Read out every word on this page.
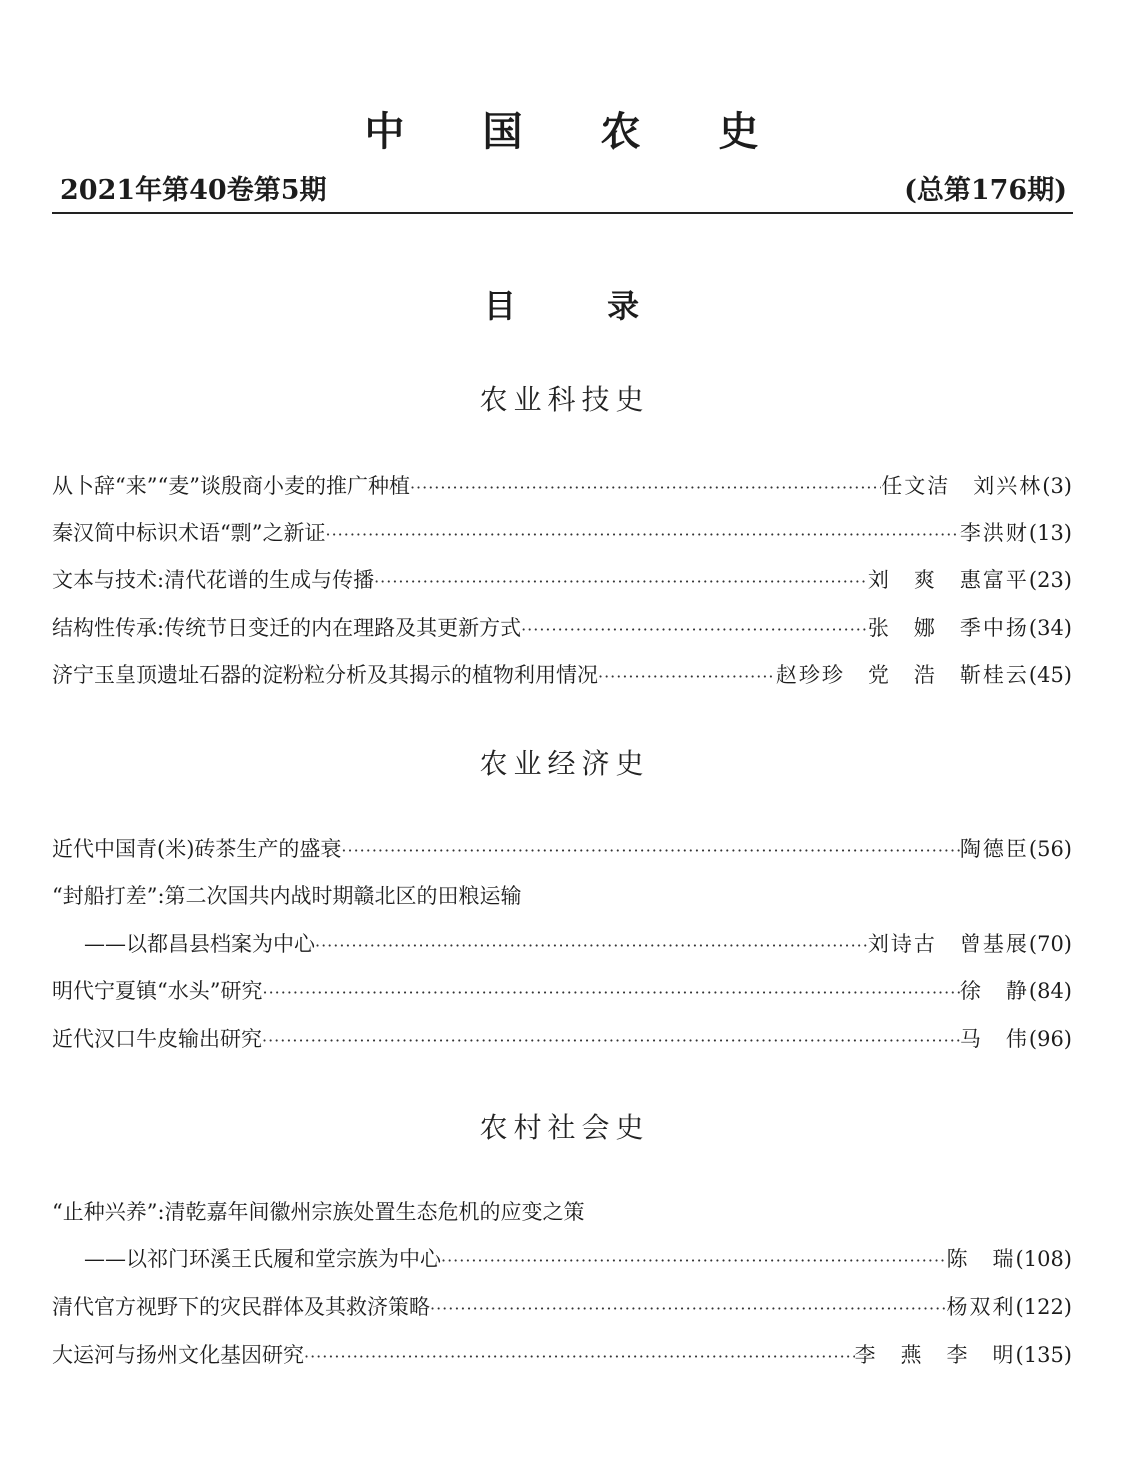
中国农史
2021年第40卷第5期	(总第176期)
目 录
农业科技史
从卜辞“来”“麦”谈殷商小麦的推广种植 ·····	任文洁　刘兴林 (3)
秦汉简中标识术语“剽”之新证 ·····	李洪财 (13)
文本与技术:清代花谱的生成与传播 ·····	刘　爽　惠富平 (23)
结构性传承:传统节日变迁的内在理路及其更新方式 ·····	张　娜　季中扬 (34)
济宁玉皇顶遗址石器的淀粉粒分析及其揭示的植物利用情况 ·····	赵珍珍　党　浩　靳桂云 (45)
农业经济史
近代中国青(米)砖茶生产的盛衰 ·····	陶德臣 (56)
“封船打差”:第二次国共内战时期赣北区的田粮运输
——以都昌县档案为中心 ·····	刘诗古　曾基展 (70)
明代宁夏镇“水头”研究 ·····	徐　静 (84)
近代汉口牛皮输出研究 ·····	马　伟 (96)
农村社会史
“止种兴养”:清乾嘉年间徽州宗族处置生态危机的应变之策
——以祁门环溪王氏履和堂宗族为中心 ·····	陈　瑞 (108)
清代官方视野下的灾民群体及其救济策略 ·····	杨双利 (122)
大运河与扬州文化基因研究 ·····	李　燕　李　明 (135)
